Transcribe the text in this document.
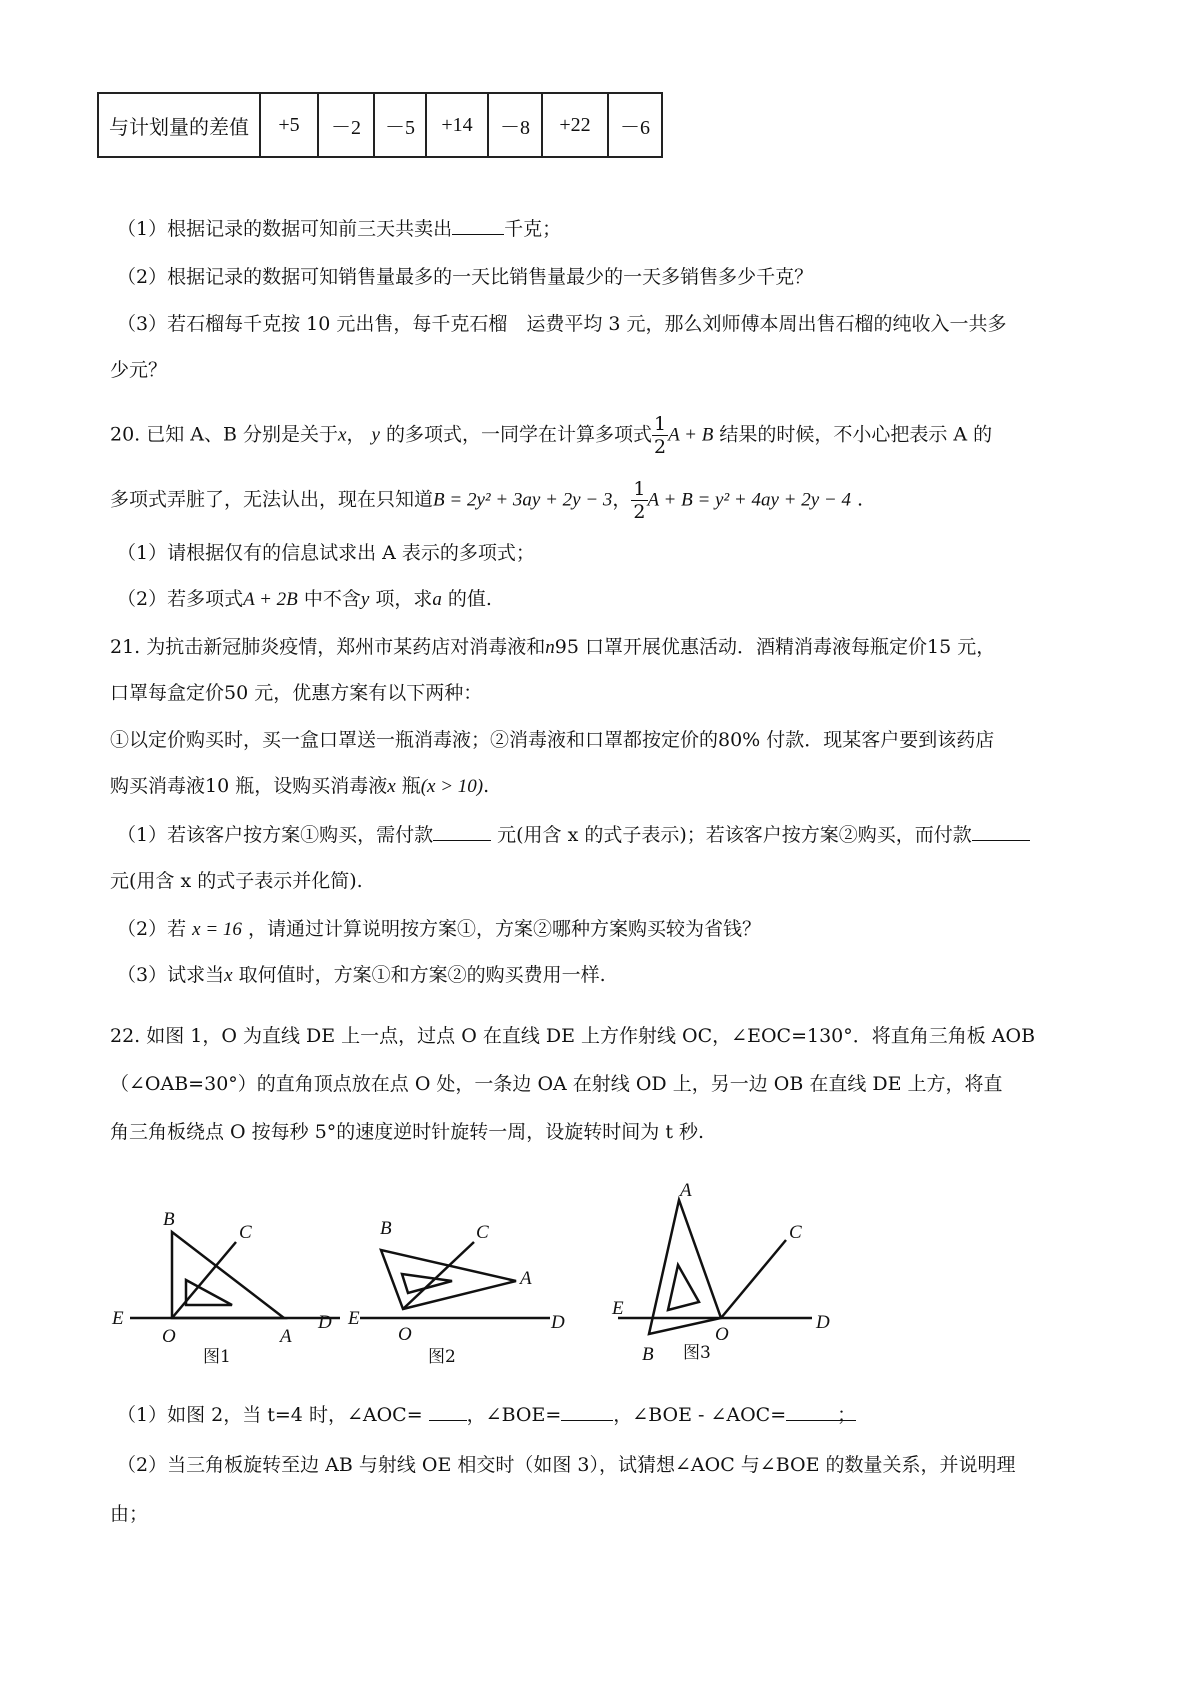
与计划量的差值	+5	－2	－5	+14	－8	+22	－6
（1）根据记录的数据可知前三天共卖出	千克；
（2）根据记录的数据可知销售量最多的一天比销售量最少的一天多销售多少千克？
（3）若石榴每千克按 10 元出售，每千克石榴　运费平均 3 元，那么刘师傅本周出售石榴的纯收入一共多
少元？
20. 已知 A、B 分别是关于x， y 的多项式，一同学在计算多项式 $\frac{1}{2}$ A + B 结果的时候，不小心把表示 A 的
多项式弄脏了，无法认出，现在只知道B = 2y² + 3ay + 2y − 3， $\frac{1}{2}$ A + B = y² + 4ay + 2y − 4 .
（1）请根据仅有的信息试求出 A 表示的多项式；
（2）若多项式A + 2B 中不含y 项，求a 的值.
21. 为抗击新冠肺炎疫情，郑州市某药店对消毒液和n95 口罩开展优惠活动．酒精消毒液每瓶定价15 元，
口罩每盒定价50 元，优惠方案有以下两种：
①以定价购买时，买一盒口罩送一瓶消毒液；②消毒液和口罩都按定价的80% 付款．现某客户要到该药店
购买消毒液10 瓶，设购买消毒液x 瓶(x > 10).
（1）若该客户按方案①购买，需付款	元(用含 x 的式子表示)；若该客户按方案②购买，而付款
元(用含 x 的式子表示并化简).
（2）若 x = 16 ，请通过计算说明按方案①，方案②哪种方案购买较为省钱？
（3）试求当x 取何值时，方案①和方案②的购买费用一样.
22. 如图 1，O 为直线 DE 上一点，过点 O 在直线 DE 上方作射线 OC，∠EOC=130°．将直角三角板 AOB
（∠OAB=30°）的直角顶点放在点 O 处，一条边 OA 在射线 OD 上，另一边 OB 在直线 DE 上方，将直
角三角板绕点 O 按每秒 5°的速度逆时针旋转一周，设旋转时间为 t 秒.
B
C
E
O	A
D
图1
B	C
A
E
O
D
图2
A
C
E
O
D
B 图3
（1）如图 2，当 t=4 时，∠AOC= ，∠BOE=	，∠BOE - ∠AOC=	；
（2）当三角板旋转至边 AB 与射线 OE 相交时（如图 3），试猜想∠AOC 与∠BOE 的数量关系，并说明理
由；
